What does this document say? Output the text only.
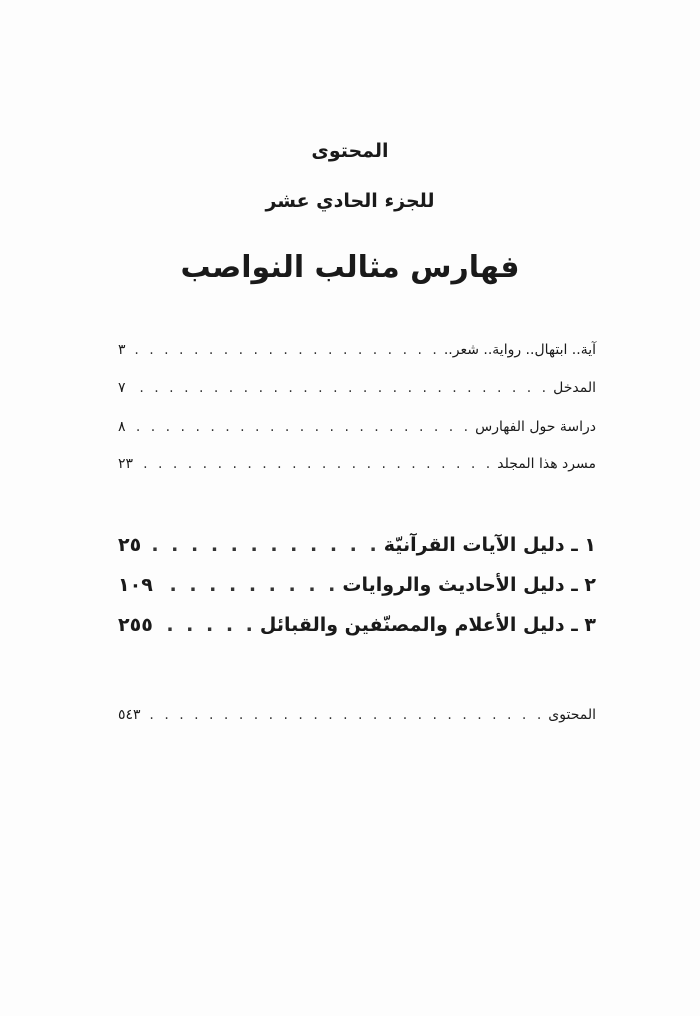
المحتوى
للجزء الحادي عشر
فهارس مثالب النواصب
آية.. ابتهال.. رواية.. شعر..
. . .
٣
المدخل
. . .
٧
دراسة حول الفهارس
. . .
٨
مسرد هذا المجلد
. . .
٢٣
١ ـ دليل الآيات القرآنيّة
. . .
٢٥
٢ ـ دليل الأحاديث والروايات
. . .
١٠٩
٣ ـ دليل الأعلام والمصنّفين والقبائل
. . .
٢٥٥
المحتوى
. . .
٥٤٣
